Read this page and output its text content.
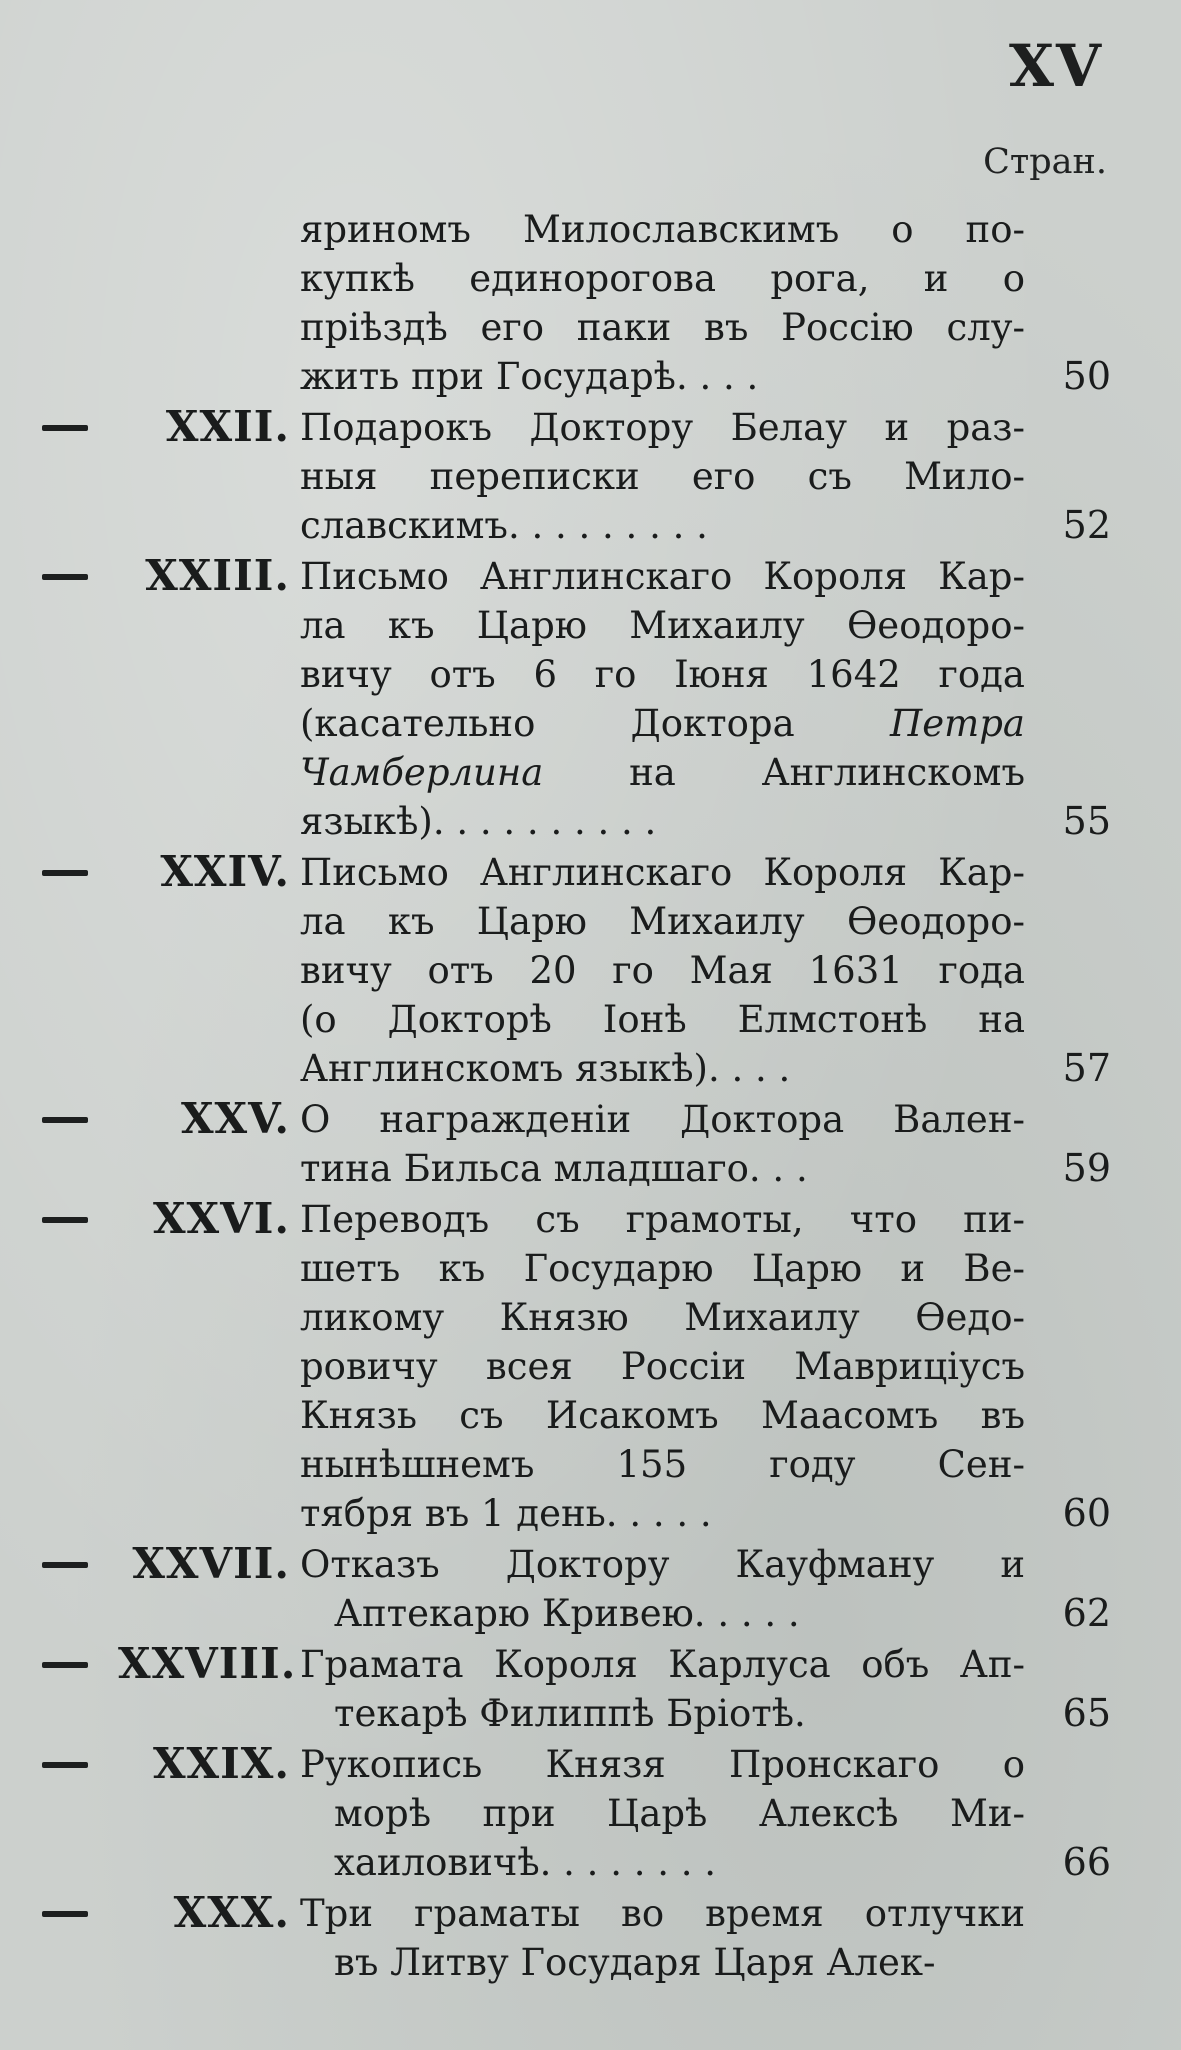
XV
Стран.
яриномъ Милославскимъ о по-
купкѣ единорогова рога, и о
пріѣздѣ его паки въ Россію слу-
жить при Государѣ. . . .	50
XXII. Подарокъ Доктору Белау и раз-
ныя переписки его съ Мило-
славскимъ. . . . . . . . .	52
XXIII. Письмо Англинскаго Короля Кар-
ла къ Царю Михаилу Ѳеодоро-
вичу отъ 6 го Іюня 1642 года
(касательно Доктора Петра
Чамберлина на Англинскомъ
языкѣ). . . . . . . . . .	55
XXIV. Письмо Англинскаго Короля Кар-
ла къ Царю Михаилу Ѳеодоро-
вичу отъ 20 го Мая 1631 года
(о Докторѣ Іонѣ Елмстонѣ на
Англинскомъ языкѣ). . . .	57
XXV. О награжденіи Доктора Вален-
тина Бильса младшаго. . .	59
XXVI. Переводъ съ грамоты, что пи-
шетъ къ Государю Царю и Ве-
ликому Князю Михаилу Ѳедо-
ровичу всея Россіи Маврицiусъ
Князь съ Исакомъ Маасомъ въ
нынѣшнемъ 155 году Сен-
тября въ 1 день. . . . .	60
XXVII. Отказъ Доктору Кауфману и
Аптекарю Кривею. . . . .	62
XXVIII. Грамата Короля Карлуса объ Ап-
текарѣ Филиппѣ Бріотѣ.	65
XXIX. Рукопись Князя Пронскаго о
морѣ при Царѣ Алексѣ Ми-
хаиловичѣ. . . . . . . .	66
XXX. Три граматы во время отлучки
въ Литву Государя Царя Алек-
